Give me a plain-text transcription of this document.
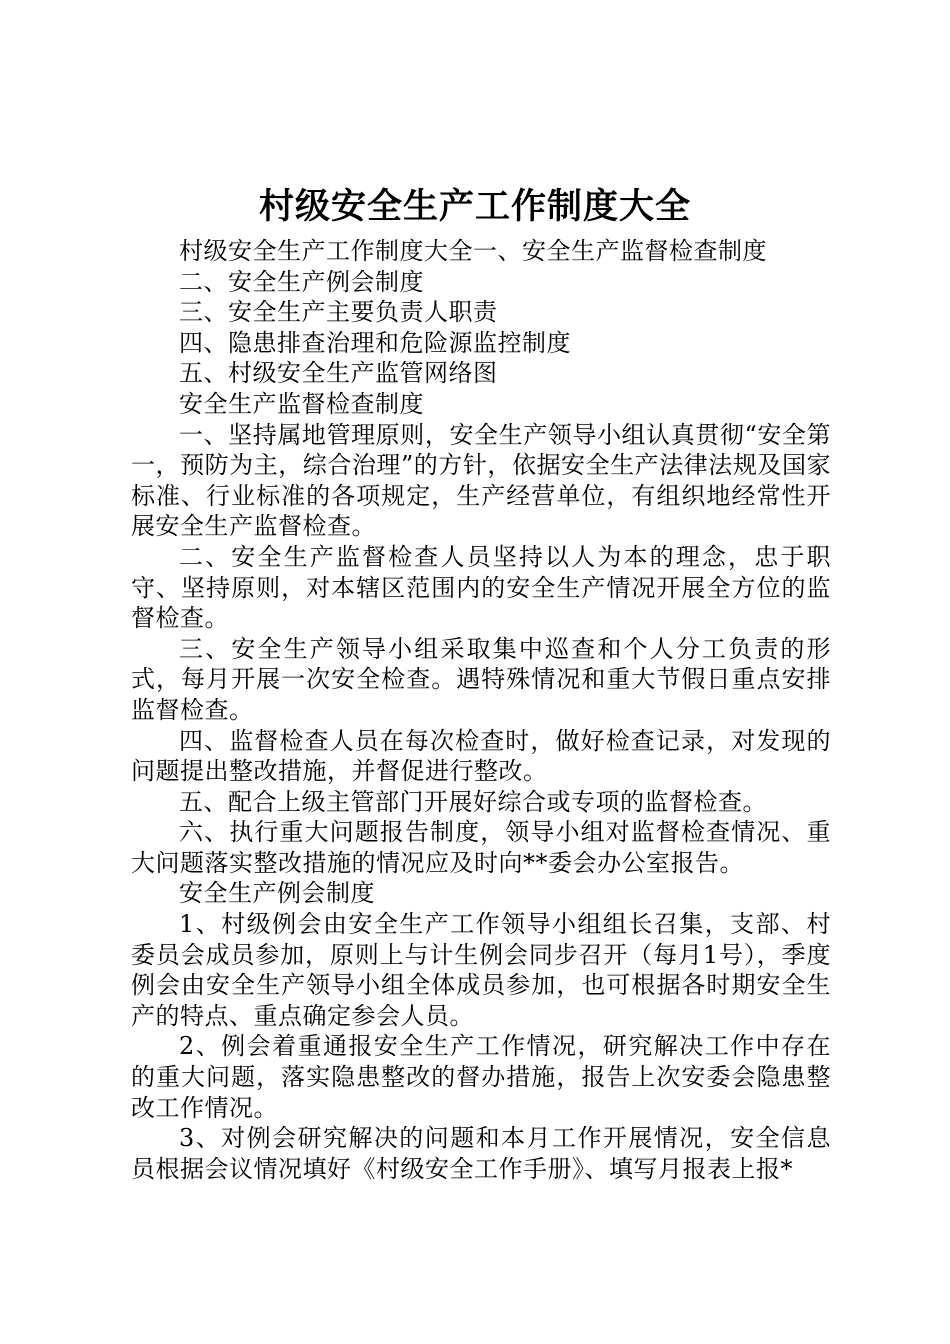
村级安全生产工作制度大全

村级安全生产工作制度大全一、安全生产监督检查制度

二、安全生产例会制度

三、安全生产主要负责人职责

四、隐患排查治理和危险源监控制度

五、村级安全生产监管网络图

安全生产监督检查制度

一、坚持属地管理原则，安全生产领导小组认真贯彻“安全第一，预防为主，综合治理”的方针，依据安全生产法律法规及国家标准、行业标准的各项规定，生产经营单位，有组织地经常性开展安全生产监督检查。

二、安全生产监督检查人员坚持以人为本的理念，忠于职守、坚持原则，对本辖区范围内的安全生产情况开展全方位的监督检查。

三、安全生产领导小组采取集中巡查和个人分工负责的形式，每月开展一次安全检查。遇特殊情况和重大节假日重点安排监督检查。

四、监督检查人员在每次检查时，做好检查记录，对发现的问题提出整改措施，并督促进行整改。

五、配合上级主管部门开展好综合或专项的监督检查。

六、执行重大问题报告制度，领导小组对监督检查情况、重大问题落实整改措施的情况应及时向**委会办公室报告。

安全生产例会制度

1、村级例会由安全生产工作领导小组组长召集，支部、村委员会成员参加，原则上与计生例会同步召开（每月1号），季度例会由安全生产领导小组全体成员参加，也可根据各时期安全生产的特点、重点确定参会人员。

2、例会着重通报安全生产工作情况，研究解决工作中存在的重大问题，落实隐患整改的督办措施，报告上次安委会隐患整改工作情况。

3、对例会研究解决的问题和本月工作开展情况，安全信息员根据会议情况填好《村级安全工作手册》、填写月报表上报*
